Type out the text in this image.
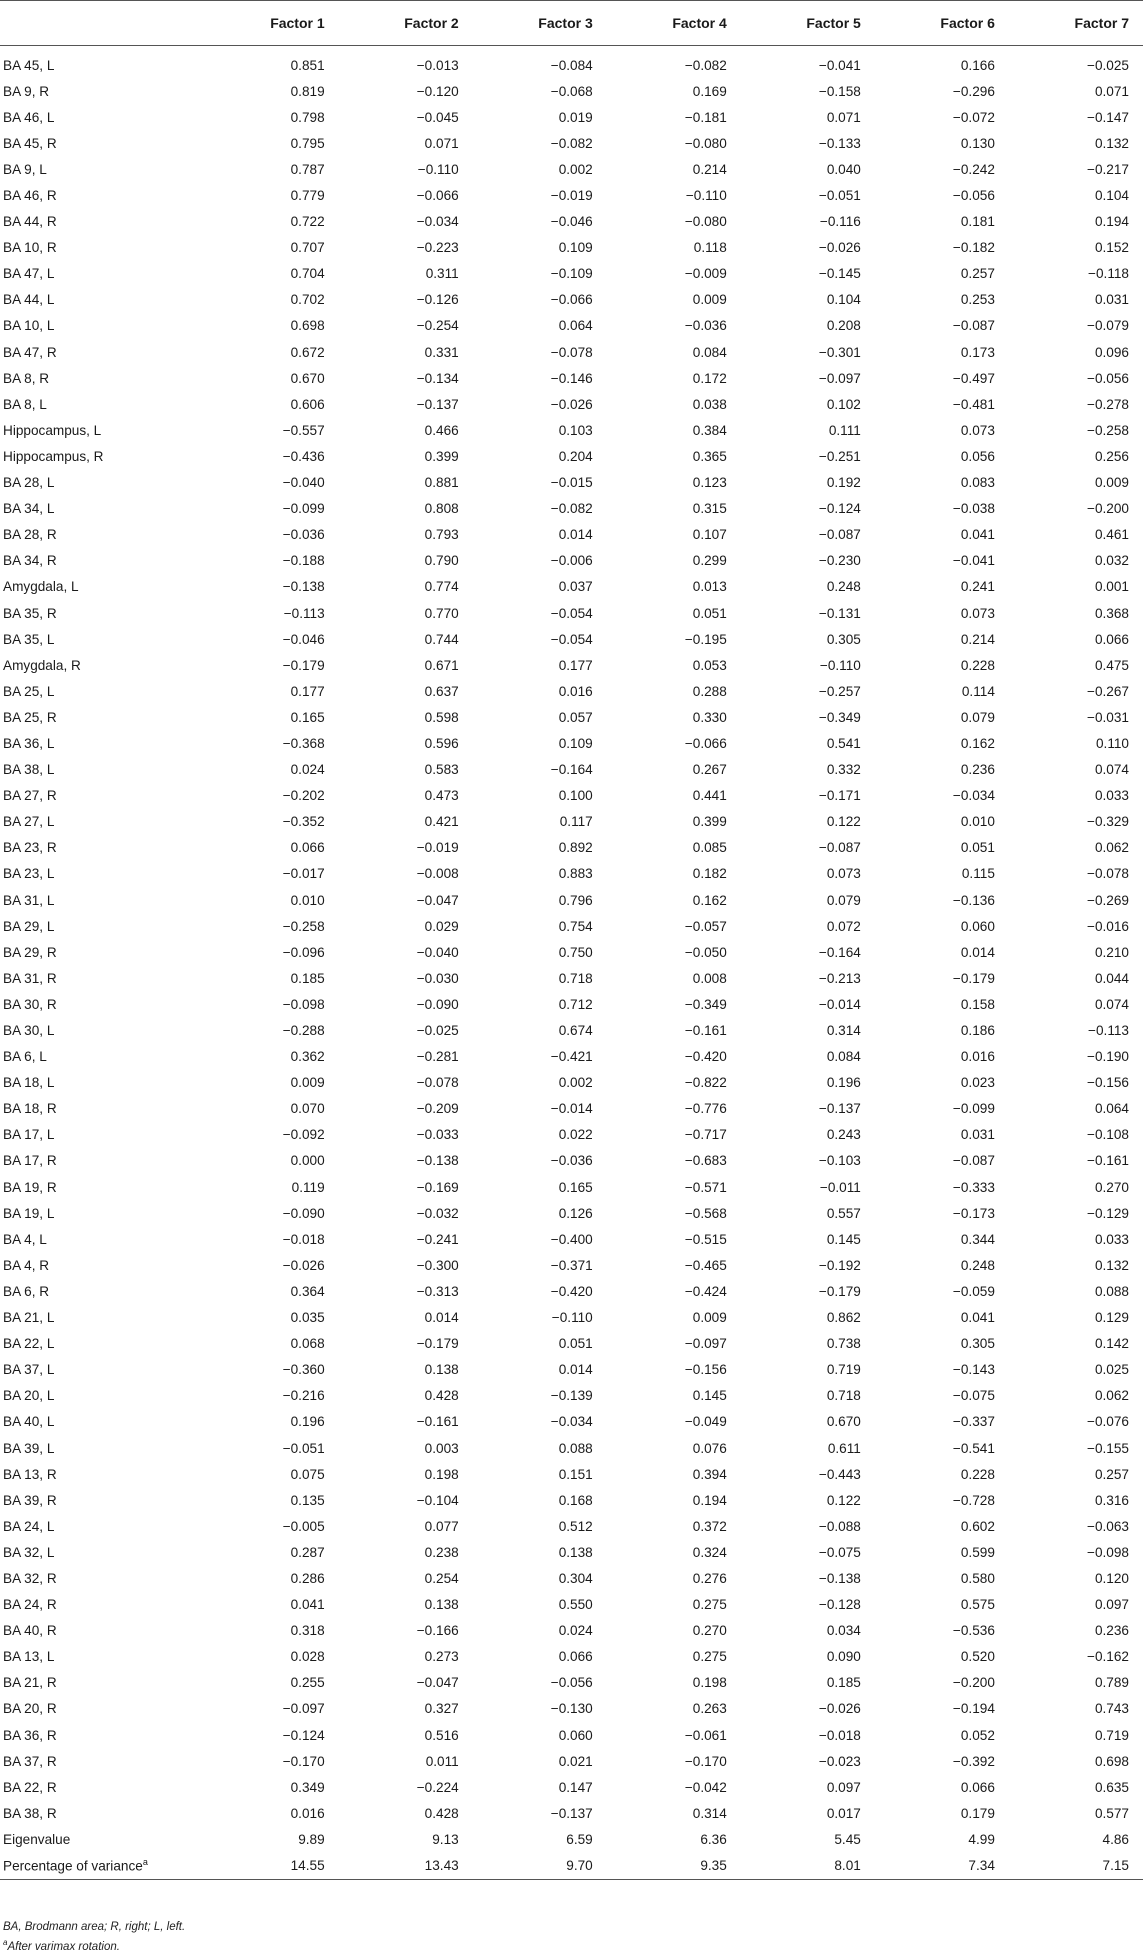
	Factor 1	Factor 2	Factor 3	Factor 4	Factor 5	Factor 6	Factor 7
BA 45, L	0.851	−0.013	−0.084	−0.082	−0.041	0.166	−0.025
BA 9, R	0.819	−0.120	−0.068	0.169	−0.158	−0.296	0.071
BA 46, L	0.798	−0.045	0.019	−0.181	0.071	−0.072	−0.147
BA 45, R	0.795	0.071	−0.082	−0.080	−0.133	0.130	0.132
BA 9, L	0.787	−0.110	0.002	0.214	0.040	−0.242	−0.217
BA 46, R	0.779	−0.066	−0.019	−0.110	−0.051	−0.056	0.104
BA 44, R	0.722	−0.034	−0.046	−0.080	−0.116	0.181	0.194
BA 10, R	0.707	−0.223	0.109	0.118	−0.026	−0.182	0.152
BA 47, L	0.704	0.311	−0.109	−0.009	−0.145	0.257	−0.118
BA 44, L	0.702	−0.126	−0.066	0.009	0.104	0.253	0.031
BA 10, L	0.698	−0.254	0.064	−0.036	0.208	−0.087	−0.079
BA 47, R	0.672	0.331	−0.078	0.084	−0.301	0.173	0.096
BA 8, R	0.670	−0.134	−0.146	0.172	−0.097	−0.497	−0.056
BA 8, L	0.606	−0.137	−0.026	0.038	0.102	−0.481	−0.278
Hippocampus, L	−0.557	0.466	0.103	0.384	0.111	0.073	−0.258
Hippocampus, R	−0.436	0.399	0.204	0.365	−0.251	0.056	0.256
BA 28, L	−0.040	0.881	−0.015	0.123	0.192	0.083	0.009
BA 34, L	−0.099	0.808	−0.082	0.315	−0.124	−0.038	−0.200
BA 28, R	−0.036	0.793	0.014	0.107	−0.087	0.041	0.461
BA 34, R	−0.188	0.790	−0.006	0.299	−0.230	−0.041	0.032
Amygdala, L	−0.138	0.774	0.037	0.013	0.248	0.241	0.001
BA 35, R	−0.113	0.770	−0.054	0.051	−0.131	0.073	0.368
BA 35, L	−0.046	0.744	−0.054	−0.195	0.305	0.214	0.066
Amygdala, R	−0.179	0.671	0.177	0.053	−0.110	0.228	0.475
BA 25, L	0.177	0.637	0.016	0.288	−0.257	0.114	−0.267
BA 25, R	0.165	0.598	0.057	0.330	−0.349	0.079	−0.031
BA 36, L	−0.368	0.596	0.109	−0.066	0.541	0.162	0.110
BA 38, L	0.024	0.583	−0.164	0.267	0.332	0.236	0.074
BA 27, R	−0.202	0.473	0.100	0.441	−0.171	−0.034	0.033
BA 27, L	−0.352	0.421	0.117	0.399	0.122	0.010	−0.329
BA 23, R	0.066	−0.019	0.892	0.085	−0.087	0.051	0.062
BA 23, L	−0.017	−0.008	0.883	0.182	0.073	0.115	−0.078
BA 31, L	0.010	−0.047	0.796	0.162	0.079	−0.136	−0.269
BA 29, L	−0.258	0.029	0.754	−0.057	0.072	0.060	−0.016
BA 29, R	−0.096	−0.040	0.750	−0.050	−0.164	0.014	0.210
BA 31, R	0.185	−0.030	0.718	0.008	−0.213	−0.179	0.044
BA 30, R	−0.098	−0.090	0.712	−0.349	−0.014	0.158	0.074
BA 30, L	−0.288	−0.025	0.674	−0.161	0.314	0.186	−0.113
BA 6, L	0.362	−0.281	−0.421	−0.420	0.084	0.016	−0.190
BA 18, L	0.009	−0.078	0.002	−0.822	0.196	0.023	−0.156
BA 18, R	0.070	−0.209	−0.014	−0.776	−0.137	−0.099	0.064
BA 17, L	−0.092	−0.033	0.022	−0.717	0.243	0.031	−0.108
BA 17, R	0.000	−0.138	−0.036	−0.683	−0.103	−0.087	−0.161
BA 19, R	0.119	−0.169	0.165	−0.571	−0.011	−0.333	0.270
BA 19, L	−0.090	−0.032	0.126	−0.568	0.557	−0.173	−0.129
BA 4, L	−0.018	−0.241	−0.400	−0.515	0.145	0.344	0.033
BA 4, R	−0.026	−0.300	−0.371	−0.465	−0.192	0.248	0.132
BA 6, R	0.364	−0.313	−0.420	−0.424	−0.179	−0.059	0.088
BA 21, L	0.035	0.014	−0.110	0.009	0.862	0.041	0.129
BA 22, L	0.068	−0.179	0.051	−0.097	0.738	0.305	0.142
BA 37, L	−0.360	0.138	0.014	−0.156	0.719	−0.143	0.025
BA 20, L	−0.216	0.428	−0.139	0.145	0.718	−0.075	0.062
BA 40, L	0.196	−0.161	−0.034	−0.049	0.670	−0.337	−0.076
BA 39, L	−0.051	0.003	0.088	0.076	0.611	−0.541	−0.155
BA 13, R	0.075	0.198	0.151	0.394	−0.443	0.228	0.257
BA 39, R	0.135	−0.104	0.168	0.194	0.122	−0.728	0.316
BA 24, L	−0.005	0.077	0.512	0.372	−0.088	0.602	−0.063
BA 32, L	0.287	0.238	0.138	0.324	−0.075	0.599	−0.098
BA 32, R	0.286	0.254	0.304	0.276	−0.138	0.580	0.120
BA 24, R	0.041	0.138	0.550	0.275	−0.128	0.575	0.097
BA 40, R	0.318	−0.166	0.024	0.270	0.034	−0.536	0.236
BA 13, L	0.028	0.273	0.066	0.275	0.090	0.520	−0.162
BA 21, R	0.255	−0.047	−0.056	0.198	0.185	−0.200	0.789
BA 20, R	−0.097	0.327	−0.130	0.263	−0.026	−0.194	0.743
BA 36, R	−0.124	0.516	0.060	−0.061	−0.018	0.052	0.719
BA 37, R	−0.170	0.011	0.021	−0.170	−0.023	−0.392	0.698
BA 22, R	0.349	−0.224	0.147	−0.042	0.097	0.066	0.635
BA 38, R	0.016	0.428	−0.137	0.314	0.017	0.179	0.577
Eigenvalue	9.89	9.13	6.59	6.36	5.45	4.99	4.86
Percentage of variance$^a$	14.55	13.43	9.70	9.35	8.01	7.34	7.15
BA, Brodmann area; R, right; L, left.
$^a$After varimax rotation.
